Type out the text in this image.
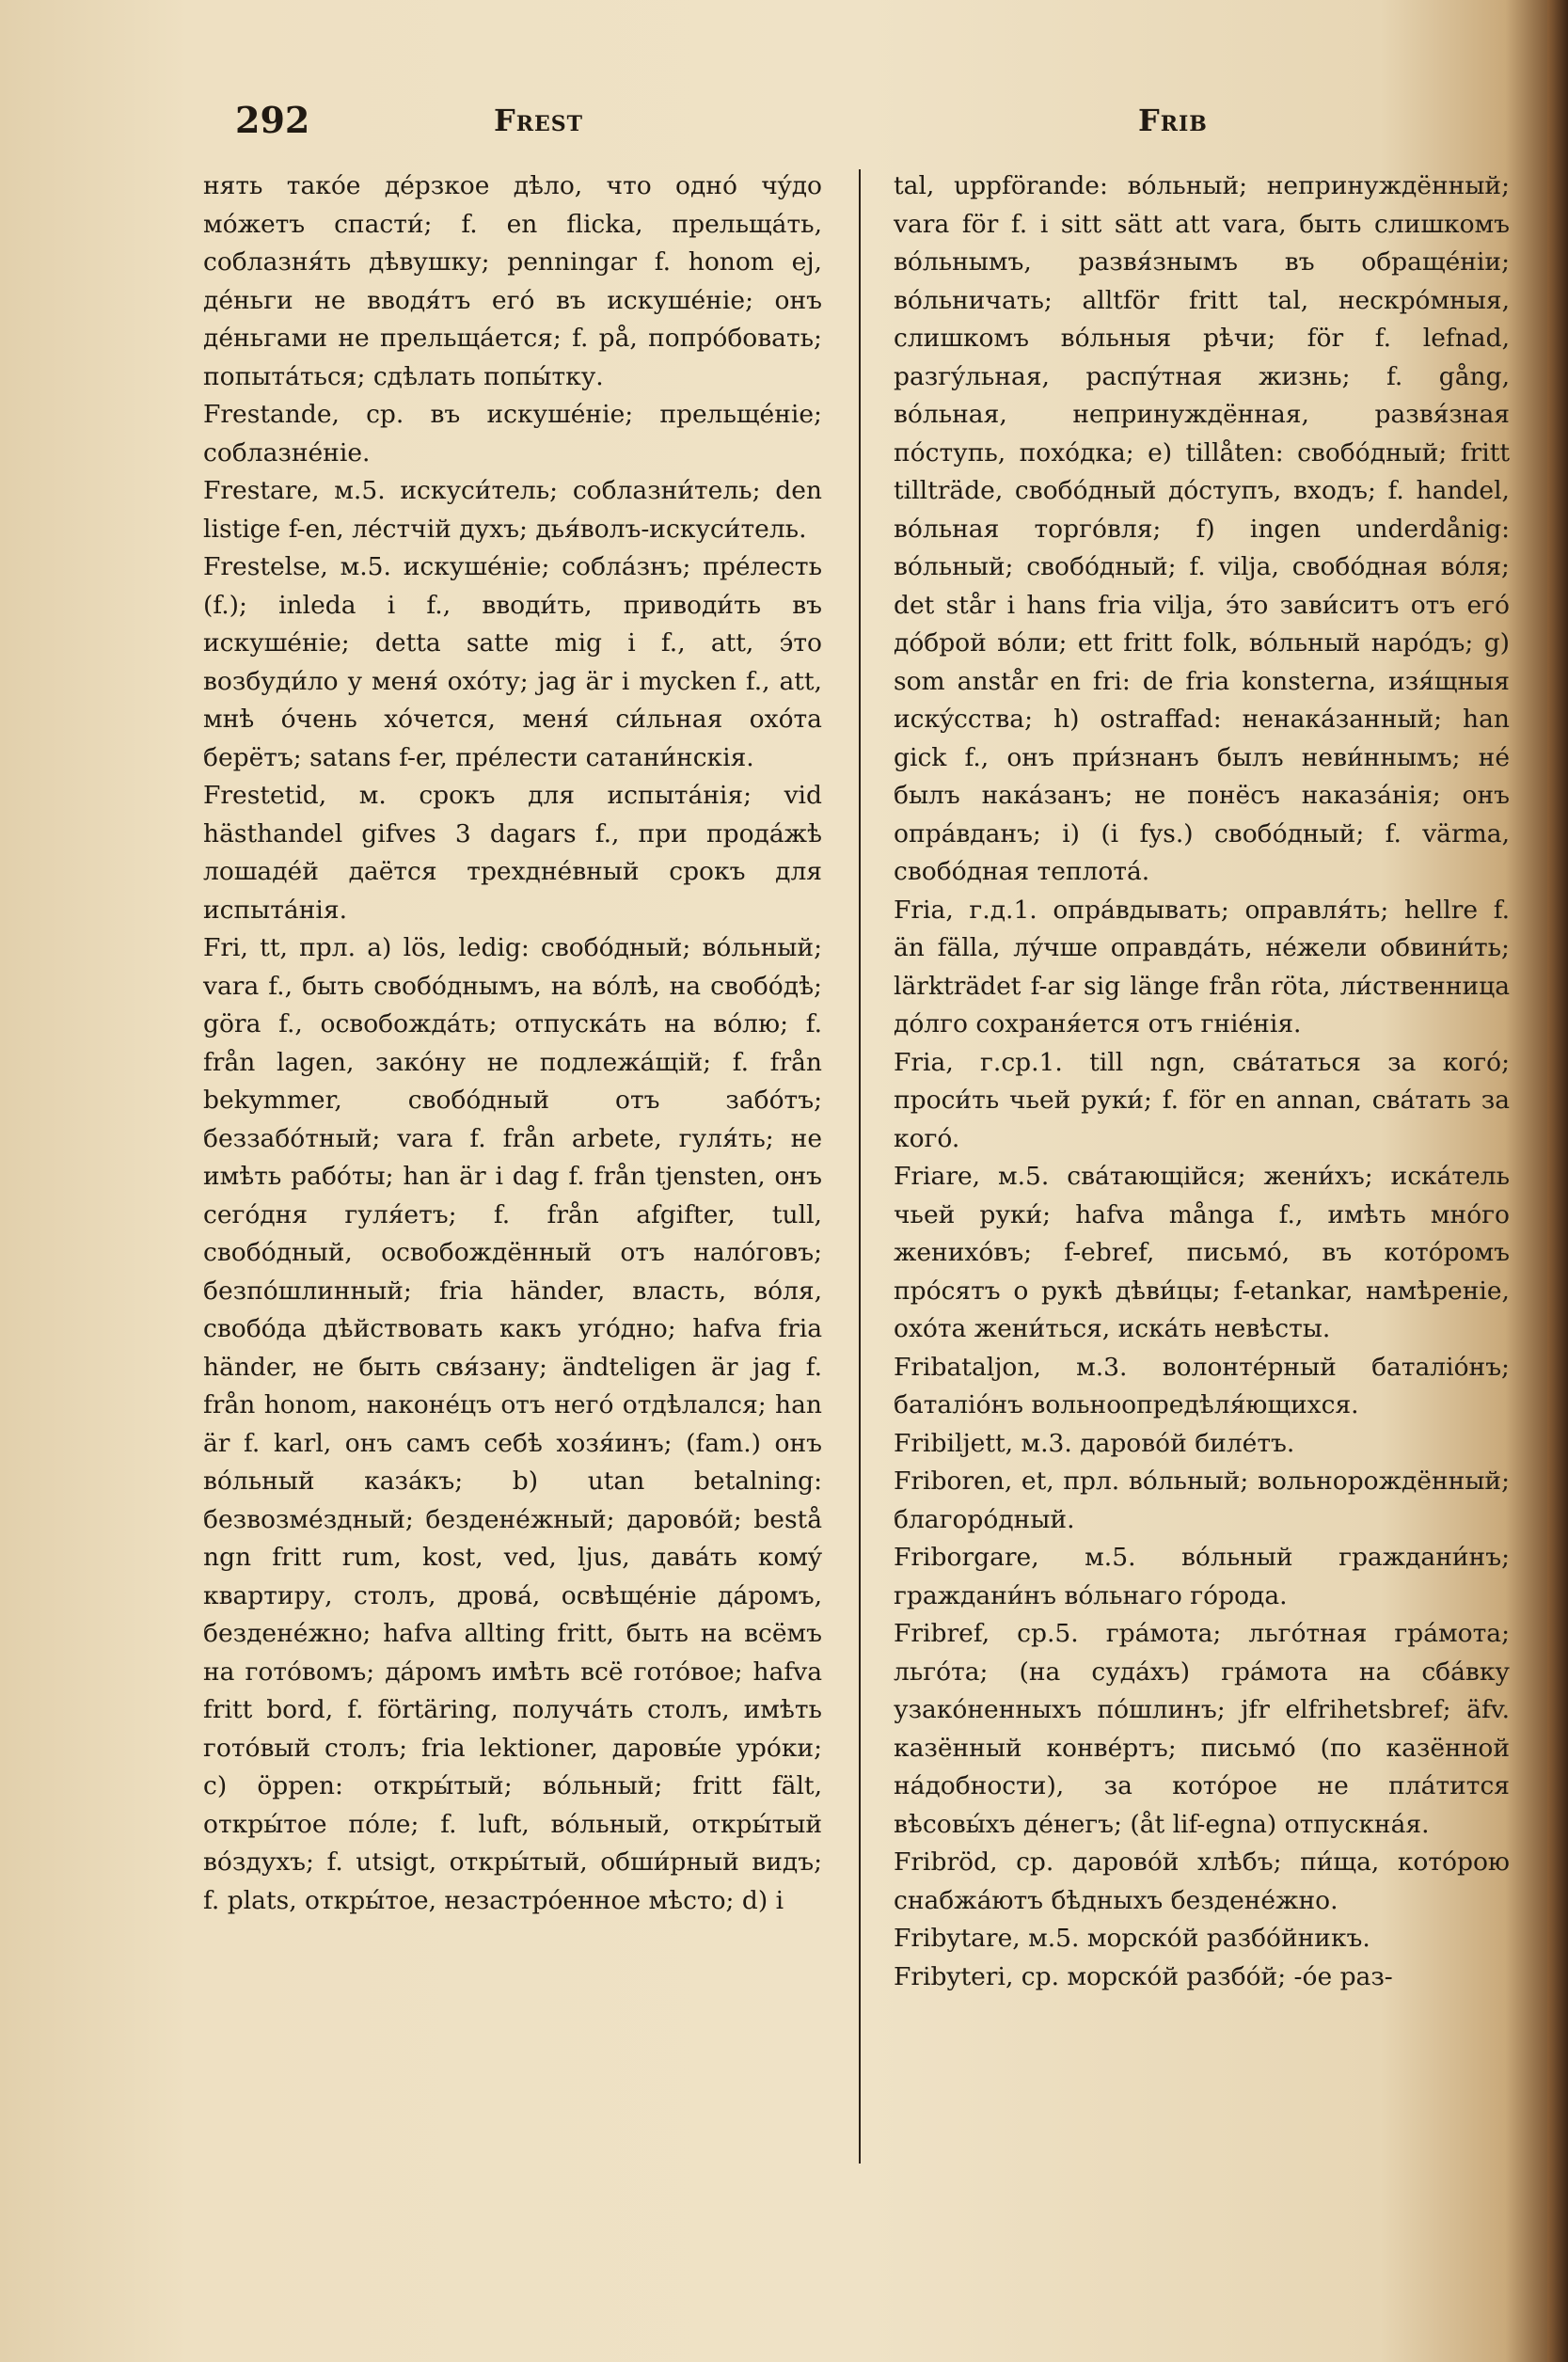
292	Frest	Frib

нять такóе дéрзкое дѣло, что однó чýдо мóжетъ спасти́; f. en flicka, прельщáть, соблазня́ть дѣвушку; penningar f. honom ej, дéньги не вводя́тъ егó въ искушéніе; онъ дéньгами не прельщáется; f. på, попрóбовать; попытáться; сдѣлать попы́тку.

Frestande, ср. въ искушéніе; прельщéніе; соблазнéніе.

Frestare, м.5. искуси́тель; соблазни́тель; den listige f-en, лéстчій духъ; дья́волъ-искуси́тель.

Frestelse, м.5. искушéніе; соблáзнъ; прéлесть (f.); inleda i f., вводи́ть, приводи́ть въ искушéніе; detta satte mig i f., att, э́то возбуди́ло у меня́ охóту; jag är i mycken f., att, мнѣ óчень хóчется, меня́ си́льная охóта берётъ; satans f-er, прéлести сатани́нскія.

Frestetid, м. срокъ для испытáнія; vid hästhandel gifves 3 dagars f., при продáжѣ лошадéй даётся трехднéвный срокъ для испытáнія.

Fri, tt, прл. a) lös, ledig: свобóдный; вóльный; vara f., быть свобóднымъ, на вóлѣ, на свобóдѣ; göra f., освобождáть; отпускáть на вóлю; f. från lagen, закóну не подлежáщій; f. från bekymmer, свобóдный отъ забóтъ; беззабóтный; vara f. från arbete, гуля́ть; не имѣть рабóты; han är i dag f. från tjensten, онъ сегóдня гуля́етъ; f. från afgifter, tull, свобóдный, освобождённый отъ налóговъ; безпóшлинный; fria händer, власть, вóля, свобóда дѣйствовать какъ угóдно; hafva fria händer, не быть свя́зану; ändteligen är jag f. från honom, наконéцъ отъ негó отдѣлался; han är f. karl, онъ самъ себѣ хозя́инъ; (fam.) онъ вóльный казáкъ; b) utan betalning: безвозмéздный; безденéжный; даровóй; bestå ngn fritt rum, kost, ved, ljus, давáть комý квартиру, столъ, дровá, освѣщéніе дáромъ, безденéжно; hafva allting fritt, быть на всёмъ на готóвомъ; дáромъ имѣть всё готóвое; hafva fritt bord, f. förtäring, получáть столъ, имѣть готóвый столъ; fria lektioner, даровы́е урóки; c) öppen: откры́тый; вóльный; fritt fält, откры́тое пóле; f. luft, вóльный, откры́тый вóздухъ; f. utsigt, откры́тый, обши́рный видъ; f. plats, откры́тое, незастрóенное мѣсто; d) i

tal, uppförande: вóльный; непринуждённый; vara för f. i sitt sätt att vara, быть слишкомъ вóльнымъ, развя́знымъ въ обращéніи; вóльничать; alltför fritt tal, нескрóмныя, слишкомъ вóльныя рѣчи; för f. lefnad, разгýльная, распýтная жизнь; f. gång, вóльная, непринуждённая, развя́зная пóступь, похóдка; e) tillåten: свобóдный; fritt tillträde, свобóдный дóступъ, входъ; f. handel, вóльная торгóвля; f) ingen underdånig: вóльный; свобóдный; f. vilja, свобóдная вóля; det står i hans fria vilja, э́то зави́ситъ отъ егó дóброй вóли; ett fritt folk, вóльный нарóдъ; g) som anstår en fri: de fria konsterna, изя́щныя искýсства; h) ostraffad: ненакáзанный; han gick f., онъ при́знанъ былъ неви́ннымъ; нé былъ накáзанъ; не понёсъ наказáнія; онъ опрáвданъ; i) (i fys.) свобóдный; f. värma, свобóдная теплотá.

Fria, г.д.1. опрáвдывать; оправля́ть; hellre f. än fälla, лýчше оправдáть, нéжели обвини́ть; lärkträdet f-ar sig länge från röta, ли́ственница дóлго сохраня́ется отъ гніéнія.

Fria, г.ср.1. till ngn, свáтаться за когó; проси́ть чьей руки́; f. för en annan, свáтать за когó.

Friare, м.5. свáтающійся; жени́хъ; искáтель чьей руки́; hafva många f., имѣть мнóго женихóвъ; f-ebref, письмó, въ котóромъ прóсятъ о рукѣ дѣви́цы; f-etankar, намѣреніе, охóта жени́ться, искáть невѣсты.

Fribataljon, м.3. волонтéрный баталіóнъ; баталіóнъ вольноопредѣля́ющихся.

Fribiljett, м.3. даровóй билéтъ.

Friboren, et, прл. вóльный; вольнорождённый; благорóдный.

Friborgare, м.5. вóльный граждани́нъ; граждани́нъ вóльнаго гóрода.

Fribref, ср.5. грáмота; льгóтная грáмота; льгóта; (на судáхъ) грáмота на сбáвку узакóненныхъ пóшлинъ; jfr elfrihetsbref; äfv. казённый конвéртъ; письмó (по казённой нáдобности), за котóрое не плáтится вѣсовы́хъ дéнегъ; (åt lif-egna) отпускнáя.

Fribröd, ср. даровóй хлѣбъ; пи́ща, котóрою снабжáютъ бѣдныхъ безденéжно.

Fribytare, м.5. морскóй разбóйникъ.

Fribyteri, ср. морскóй разбóй; -óе раз-
